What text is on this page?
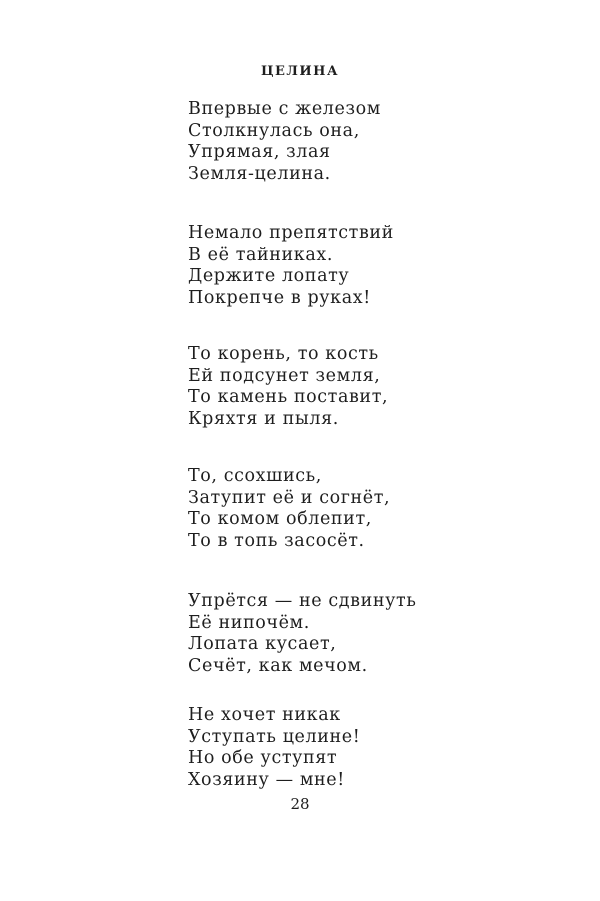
ЦЕЛИНА
Впервые с железом
Столкнулась она,
Упрямая, злая
Земля-целина.
Немало препятствий
В её тайниках.
Держите лопату
Покрепче в руках!
То корень, то кость
Ей подсунет земля,
То камень поставит,
Кряхтя и пыля.
То, ссохшись,
Затупит её и согнёт,
То комом облепит,
То в топь засосёт.
Упрётся — не сдвинуть
Её нипочём.
Лопата кусает,
Сечёт, как мечом.
Не хочет никак
Уступать целине!
Но обе уступят
Хозяину — мне!
28
